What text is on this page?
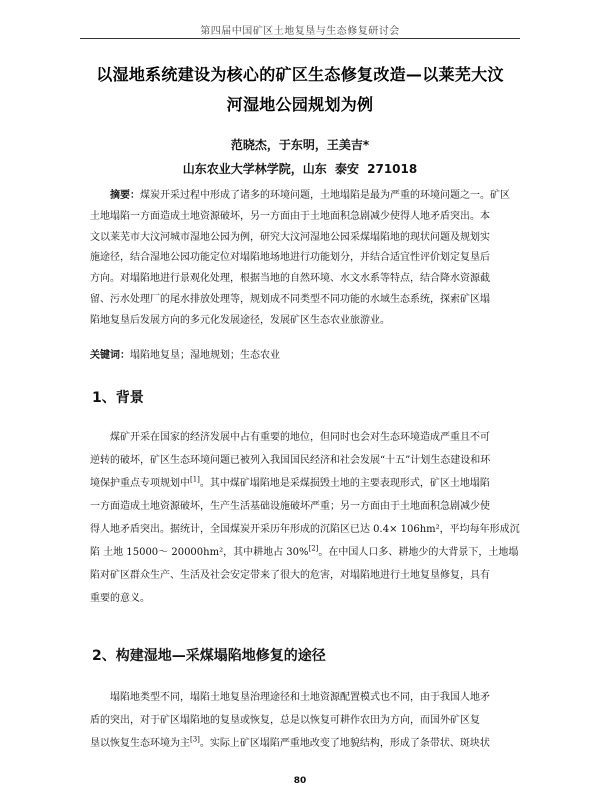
第四届中国矿区土地复垦与生态修复研讨会
以湿地系统建设为核心的矿区生态修复改造—以莱芜大汶
河湿地公园规划为例
范晓杰，于东明，王美吉*
山东农业大学林学院，山东 泰安 271018
摘要：煤炭开采过程中形成了诸多的环境问题，土地塌陷是最为严重的环境问题之一。矿区
土地塌陷一方面造成土地资源破坏，另一方面由于土地面积急剧减少使得人地矛盾突出。本
文以莱芜市大汶河城市湿地公园为例，研究大汶河湿地公园采煤塌陷地的现状问题及规划实
施途径，结合湿地公园功能定位对塌陷地场地进行功能划分，并结合适宜性评价划定复垦后
方向。对塌陷地进行景观化处理，根据当地的自然环境、水文水系等特点，结合降水资源截
留、污水处理厂的尾水排放处理等，规划成不同类型不同功能的水域生态系统，探索矿区塌
陷地复垦后发展方向的多元化发展途径，发展矿区生态农业旅游业。
关键词：塌陷地复垦；湿地规划；生态农业
1、背景
煤矿开采在国家的经济发展中占有重要的地位，但同时也会对生态环境造成严重且不可
逆转的破坏，矿区生态环境问题已被列入我国国民经济和社会发展“十五”计划生态建设和环
境保护重点专项规划中[1]。其中煤矿塌陷地是采煤损毁土地的主要表现形式，矿区土地塌陷
一方面造成土地资源破坏，生产生活基础设施破坏严重；另一方面由于土地面积急剧减少使
得人地矛盾突出。据统计，全国煤炭开采历年形成的沉陷区已达 0.4× 106hm²，平均每年形成沉
陷 土地 15000～ 20000hm²，其中耕地占 30%[2]。在中国人口多、耕地少的大背景下，土地塌
陷对矿区群众生产、生活及社会安定带来了很大的危害，对塌陷地进行土地复垦修复，具有
重要的意义。
2、构建湿地—采煤塌陷地修复的途径
塌陷地类型不同，塌陷土地复垦治理途径和土地资源配置模式也不同，由于我国人地矛
盾的突出，对于矿区塌陷地的复垦或恢复，总是以恢复可耕作农田为方向，而国外矿区复
垦以恢复生态环境为主[3]。实际上矿区塌陷严重地改变了地貌结构，形成了条带状、斑块状
80
